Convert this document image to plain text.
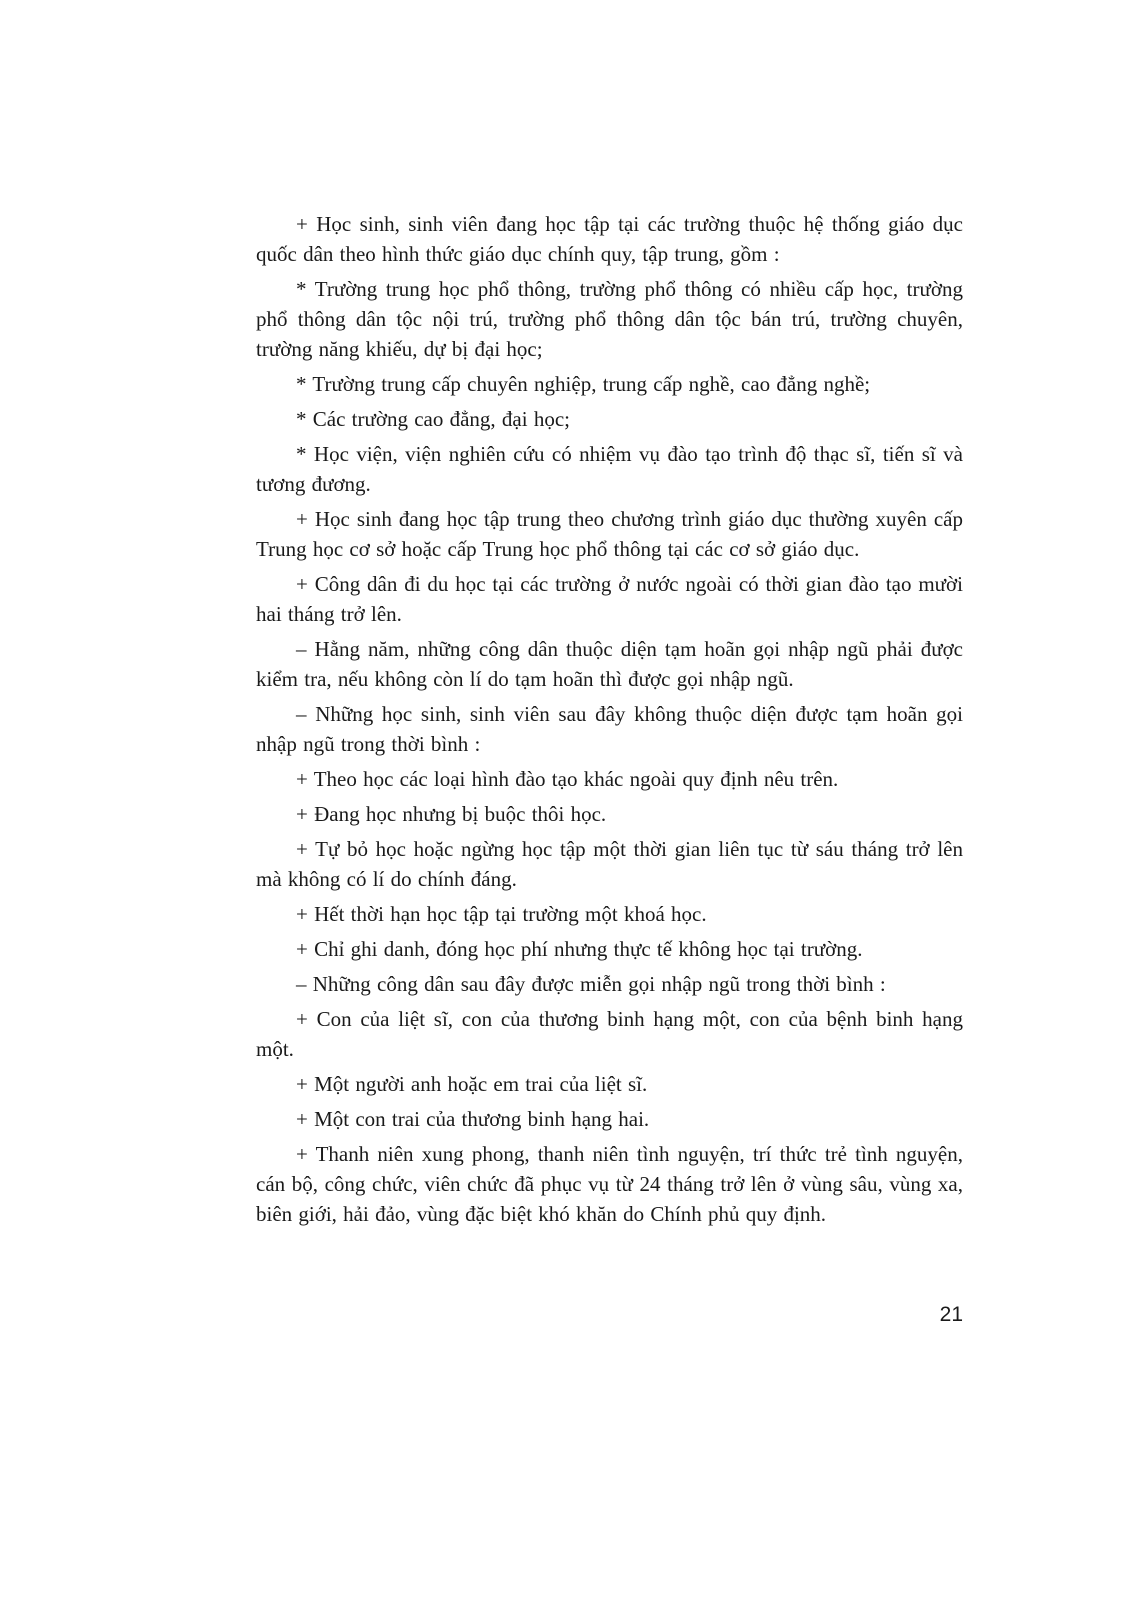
+ Học sinh, sinh viên đang học tập tại các trường thuộc hệ thống giáo dục quốc dân theo hình thức giáo dục chính quy, tập trung, gồm :

* Trường trung học phổ thông, trường phổ thông có nhiều cấp học, trường phổ thông dân tộc nội trú, trường phổ thông dân tộc bán trú, trường chuyên, trường năng khiếu, dự bị đại học;

* Trường trung cấp chuyên nghiệp, trung cấp nghề, cao đẳng nghề;

* Các trường cao đẳng, đại học;

* Học viện, viện nghiên cứu có nhiệm vụ đào tạo trình độ thạc sĩ, tiến sĩ và tương đương.

+ Học sinh đang học tập trung theo chương trình giáo dục thường xuyên cấp Trung học cơ sở hoặc cấp Trung học phổ thông tại các cơ sở giáo dục.

+ Công dân đi du học tại các trường ở nước ngoài có thời gian đào tạo mười hai tháng trở lên.

– Hằng năm, những công dân thuộc diện tạm hoãn gọi nhập ngũ phải được kiểm tra, nếu không còn lí do tạm hoãn thì được gọi nhập ngũ.

– Những học sinh, sinh viên sau đây không thuộc diện được tạm hoãn gọi nhập ngũ trong thời bình :

+ Theo học các loại hình đào tạo khác ngoài quy định nêu trên.

+ Đang học nhưng bị buộc thôi học.

+ Tự bỏ học hoặc ngừng học tập một thời gian liên tục từ sáu tháng trở lên mà không có lí do chính đáng.

+ Hết thời hạn học tập tại trường một khoá học.

+ Chỉ ghi danh, đóng học phí nhưng thực tế không học tại trường.

– Những công dân sau đây được miễn gọi nhập ngũ trong thời bình :

+ Con của liệt sĩ, con của thương binh hạng một, con của bệnh binh hạng một.

+ Một người anh hoặc em trai của liệt sĩ.

+ Một con trai của thương binh hạng hai.

+ Thanh niên xung phong, thanh niên tình nguyện, trí thức trẻ tình nguyện, cán bộ, công chức, viên chức đã phục vụ từ 24 tháng trở lên ở vùng sâu, vùng xa, biên giới, hải đảo, vùng đặc biệt khó khăn do Chính phủ quy định.

21
